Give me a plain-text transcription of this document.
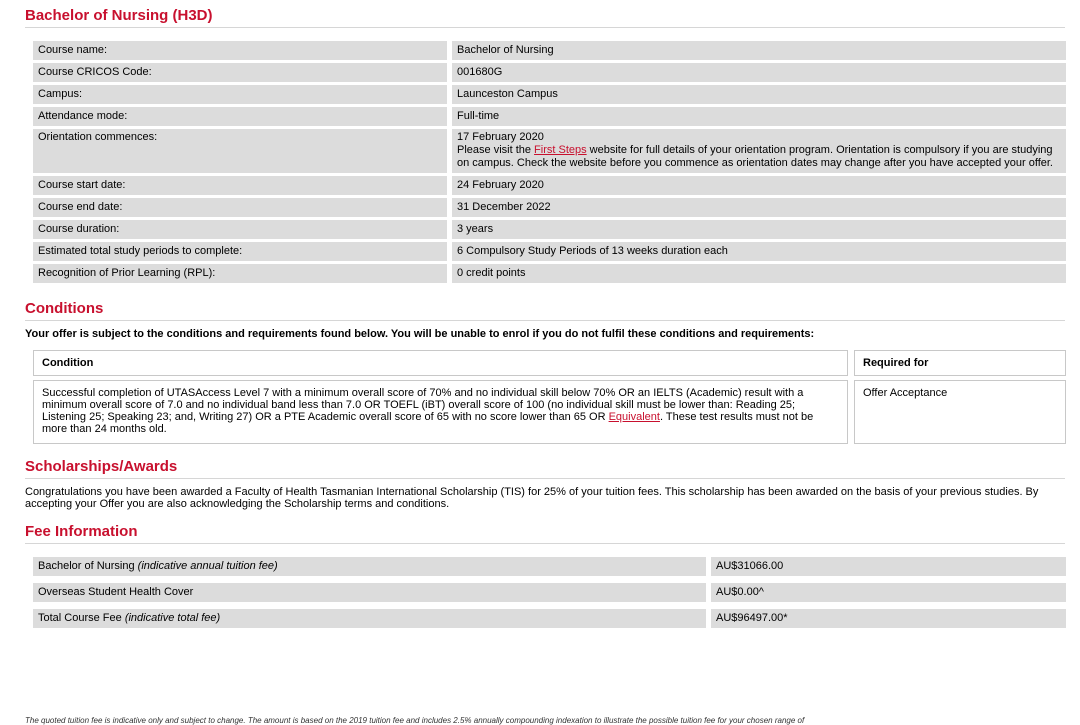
Bachelor of Nursing (H3D)
Course name:	Bachelor of Nursing
Course CRICOS Code:	001680G
Campus:	Launceston Campus
Attendance mode:	Full-time
Orientation commences:	17 February 2020
Please visit the First Steps website for full details of your orientation program. Orientation is compulsory if you are studying on campus. Check the website before you commence as orientation dates may change after you have accepted your offer.
Course start date:	24 February 2020
Course end date:	31 December 2022
Course duration:	3 years
Estimated total study periods to complete:	6 Compulsory Study Periods of 13 weeks duration each
Recognition of Prior Learning (RPL):	0 credit points
Conditions

Your offer is subject to the conditions and requirements found below. You will be unable to enrol if you do not fulfil these conditions and requirements:

Condition	Required for
Successful completion of UTASAccess Level 7 with a minimum overall score of 70% and no individual skill below 70% OR an IELTS (Academic) result with a minimum overall score of 7.0 and no individual band less than 7.0 OR TOEFL (iBT) overall score of 100 (no individual skill must be lower than: Reading 25; Listening 25; Speaking 23; and, Writing 27) OR a PTE Academic overall score of 65 with no score lower than 65 OR Equivalent. These test results must not be more than 24 months old.
Offer Acceptance
Scholarships/Awards

Congratulations you have been awarded a Faculty of Health Tasmanian International Scholarship (TIS) for 25% of your tuition fees. This scholarship has been awarded on the basis of your previous studies. By accepting your Offer you are also acknowledging the Scholarship terms and conditions.

Fee Information
Bachelor of Nursing (indicative annual tuition fee)	AU$31066.00
Overseas Student Health Cover	AU$0.00^
Total Course Fee (indicative total fee)	AU$96497.00*
The quoted tuition fee is indicative only and subject to change. The amount is based on the 2019 tuition fee and includes 2.5% annually compounding indexation to illustrate the possible tuition fee for your chosen range of
